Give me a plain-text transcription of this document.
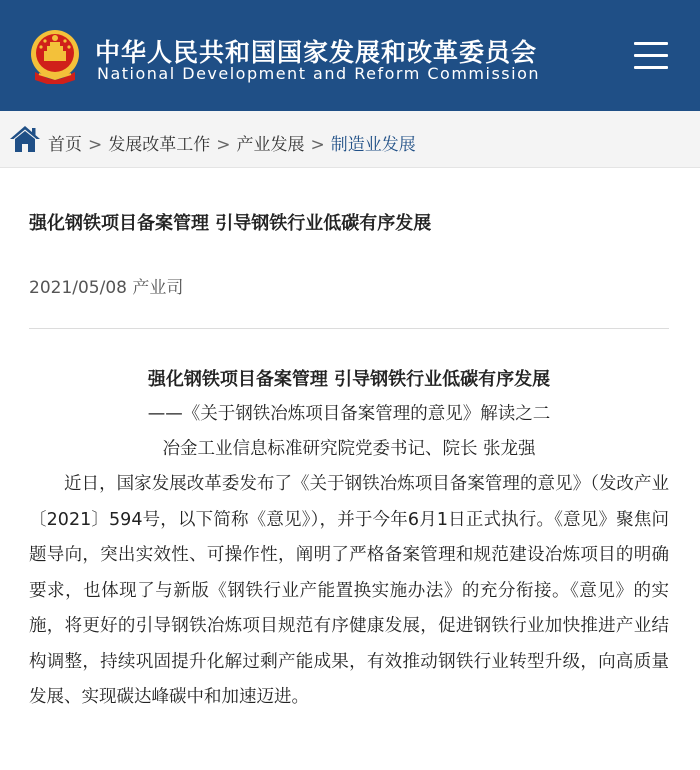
中华人民共和国国家发展和改革委员会
National Development and Reform Commission
首页 > 发展改革工作 > 产业发展 > 制造业发展
强化钢铁项目备案管理 引导钢铁行业低碳有序发展
2021/05/08 产业司
强化钢铁项目备案管理 引导钢铁行业低碳有序发展
——《关于钢铁冶炼项目备案管理的意见》解读之二
冶金工业信息标准研究院党委书记、院长 张龙强

近日，国家发展改革委发布了《关于钢铁冶炼项目备案管理的意见》（发改产业〔2021〕594号，以下简称《意见》），并于今年6月1日正式执行。《意见》聚焦问题导向，突出实效性、可操作性，阐明了严格备案管理和规范建设冶炼项目的明确要求，也体现了与新版《钢铁行业产能置换实施办法》的充分衔接。《意见》的实施，将更好的引导钢铁冶炼项目规范有序健康发展，促进钢铁行业加快推进产业结构调整，持续巩固提升化解过剩产能成果，有效推动钢铁行业转型升级，向高质量发展、实现碳达峰碳中和加速迈进。
